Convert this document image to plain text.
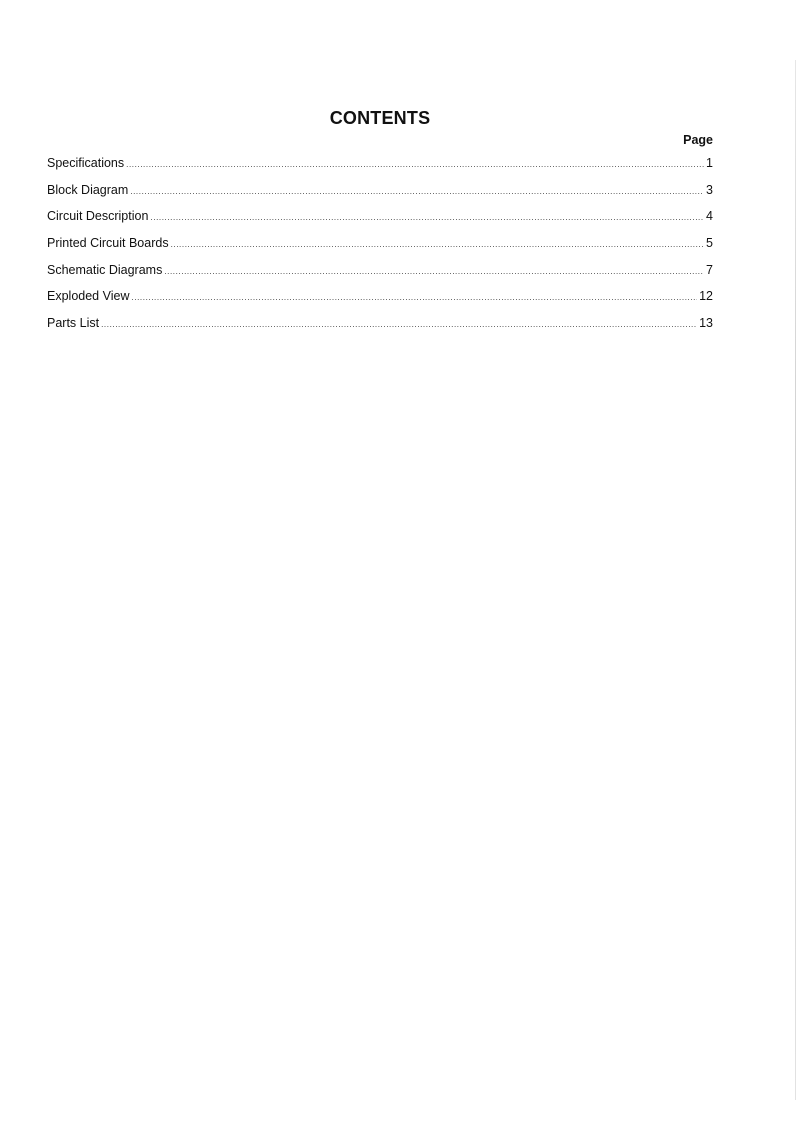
CONTENTS
Page
Specifications .....	1
Block Diagram .....	3
Circuit Description .....	4
Printed Circuit Boards .....	5
Schematic Diagrams .....	7
Exploded View .....	12
Parts List .....	13
